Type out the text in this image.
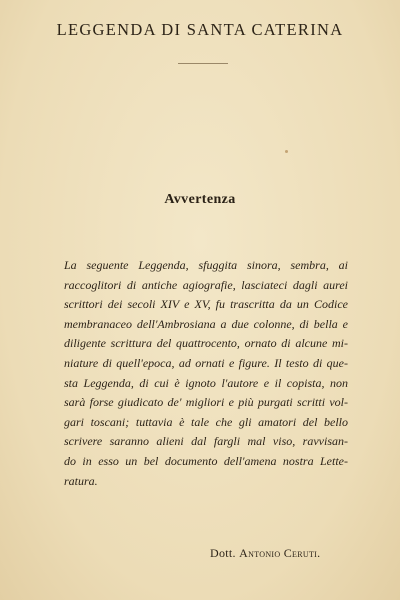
LEGGENDA DI SANTA CATERINA
Avvertenza
La seguente Leggenda, sfuggita sinora, sembra, ai
raccoglitori di antiche agiografie, lasciateci dagli aurei
scrittori dei secoli XIV e XV, fu trascritta da un Codice
membranaceo dell'Ambrosiana a due colonne, di bella e
diligente scrittura del quattrocento, ornato di alcune mi-
niature di quell'epoca, ad ornati e figure. Il testo di que-
sta Leggenda, di cui è ignoto l'autore e il copista, non
sarà forse giudicato de' migliori e più purgati scritti vol-
gari toscani; tuttavia è tale che gli amatori del bello
scrivere saranno alieni dal fargli mal viso, ravvisan-
do in esso un bel documento dell'amena nostra Lette-
ratura.
Dott. Antonio Ceruti.
